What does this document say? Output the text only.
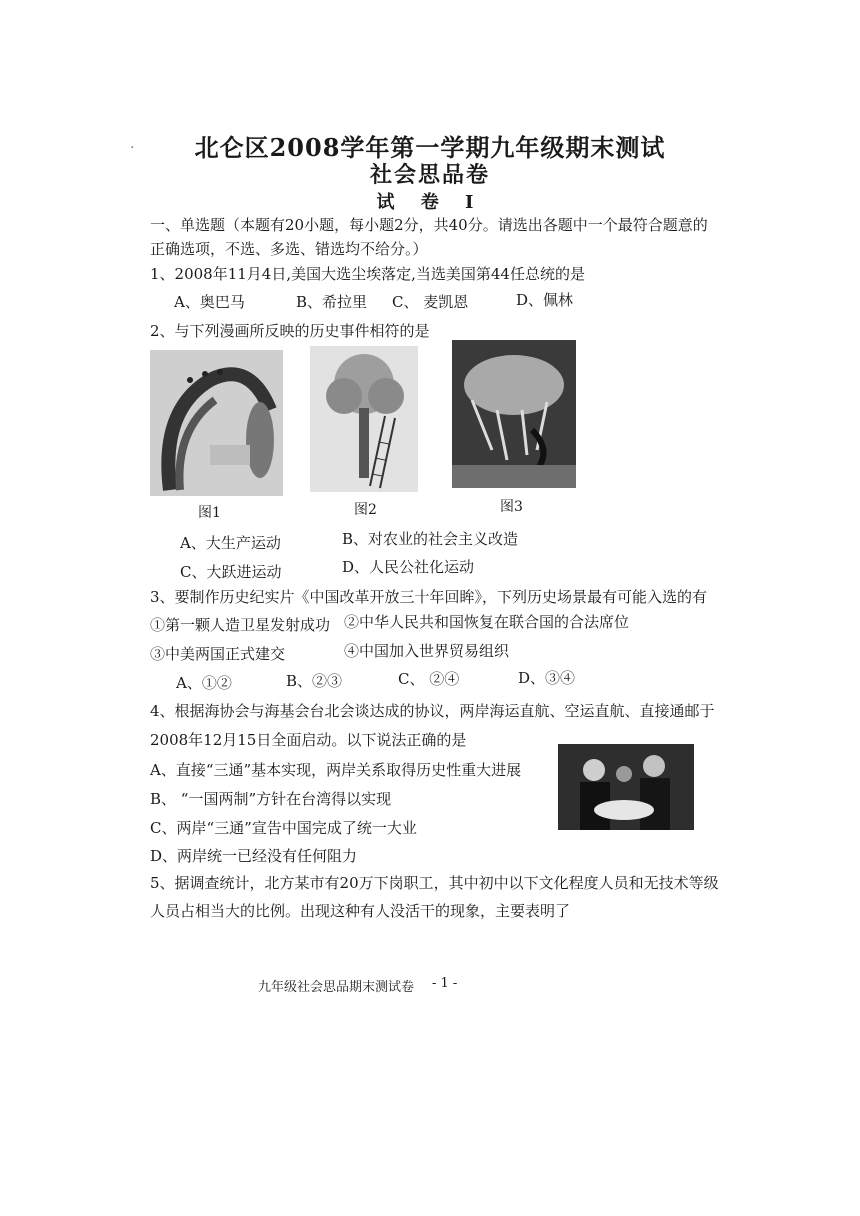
·	北仑区2008学年第一学期九年级期末测试
社会思品卷
试 卷 Ⅰ
一、单选题（本题有20小题，每小题2分，共40分。请选出各题中一个最符合题意的
正确选项，不选、多选、错选均不给分。）
1、2008年11月4日,美国大选尘埃落定,当选美国第44任总统的是
A、奥巴马	B、希拉里 C、 麦凯恩	D、佩林
2、与下列漫画所反映的历史事件相符的是
图1	图2	图3
A、大生产运动	B、对农业的社会主义改造
C、大跃进运动	D、人民公社化运动
3、要制作历史纪实片《中国改革开放三十年回眸》，下列历史场景最有可能入选的有
①第一颗人造卫星发射成功 ②中华人民共和国恢复在联合国的合法席位
③中美两国正式建交	④中国加入世界贸易组织
A、①②	B、②③	C、 ②④	D、③④
4、根据海协会与海基会台北会谈达成的协议，两岸海运直航、空运直航、直接通邮于
2008年12月15日全面启动。以下说法正确的是
A、直接“三通”基本实现，两岸关系取得历史性重大进展
B、 “一国两制”方针在台湾得以实现
C、两岸“三通”宣告中国完成了统一大业
D、两岸统一已经没有任何阻力
5、据调查统计，北方某市有20万下岗职工，其中初中以下文化程度人员和无技术等级
人员占相当大的比例。出现这种有人没活干的现象，主要表明了
九年级社会思品期末测试卷 - 1 -
